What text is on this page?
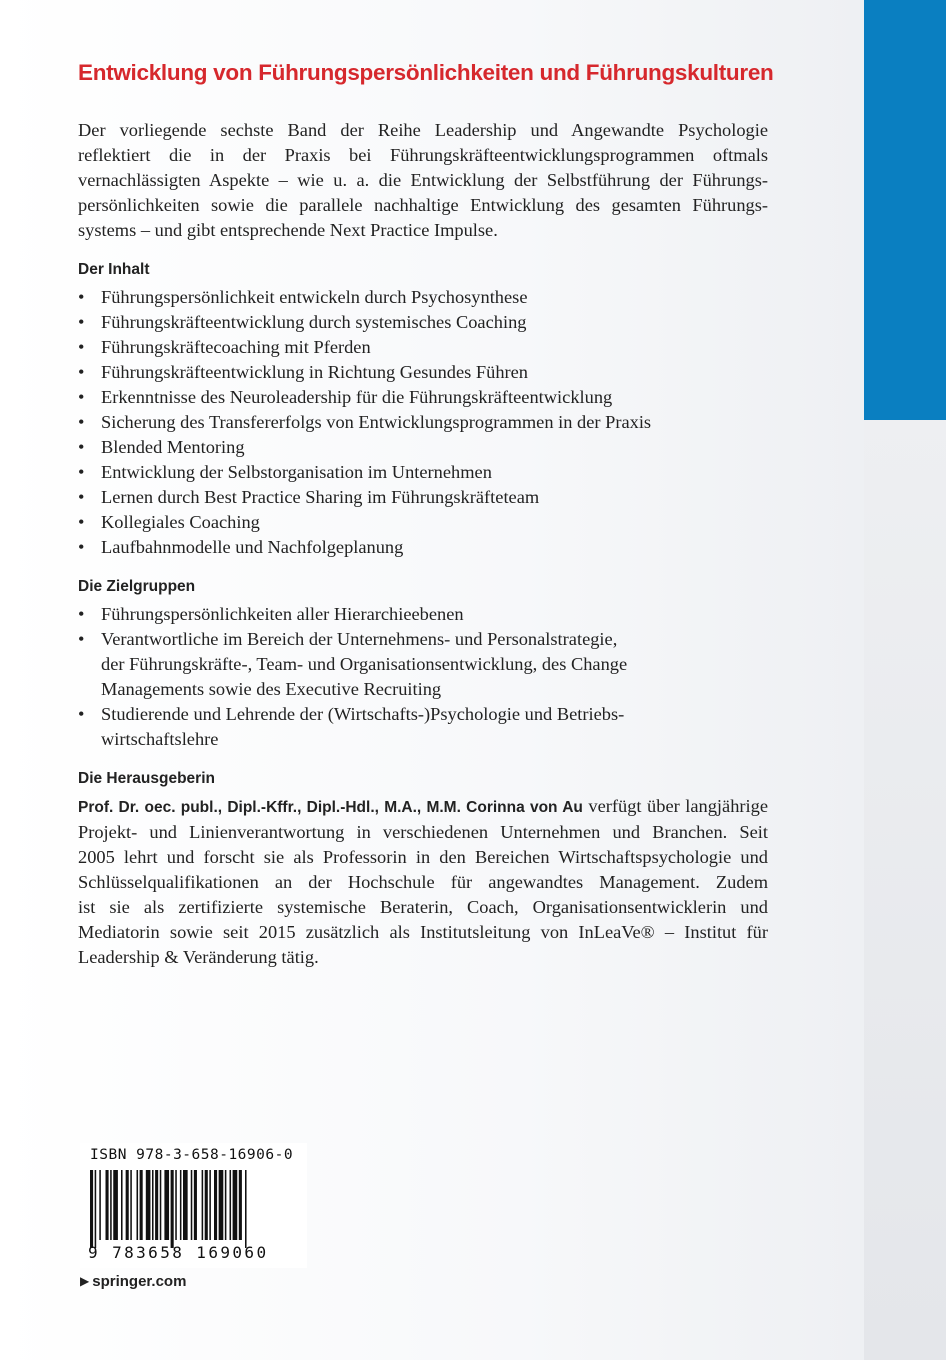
Entwicklung von Führungspersönlichkeiten und Führungskulturen

Der vorliegende sechste Band der Reihe Leadership und Angewandte Psychologie
reflektiert die in der Praxis bei Führungskräfteentwicklungsprogrammen oftmals
vernachlässigten Aspekte – wie u. a. die Entwicklung der Selbstführung der Führungs-
persönlichkeiten sowie die parallele nachhaltige Entwicklung des gesamten Führungs-
systems – und gibt entsprechende Next Practice Impulse.

Der Inhalt
• Führungspersönlichkeit entwickeln durch Psychosynthese
• Führungskräfteentwicklung durch systemisches Coaching
• Führungskräftecoaching mit Pferden
• Führungskräfteentwicklung in Richtung Gesundes Führen
• Erkenntnisse des Neuroleadership für die Führungskräfteentwicklung
• Sicherung des Transfererfolgs von Entwicklungsprogrammen in der Praxis
• Blended Mentoring
• Entwicklung der Selbstorganisation im Unternehmen
• Lernen durch Best Practice Sharing im Führungskräfteteam
• Kollegiales Coaching
• Laufbahnmodelle und Nachfolgeplanung
Die Zielgruppen
• Führungspersönlichkeiten aller Hierarchieebenen
• Verantwortliche im Bereich der Unternehmens- und Personalstrategie,
der Führungskräfte-, Team- und Organisationsentwicklung, des Change
Managements sowie des Executive Recruiting
• Studierende und Lehrende der (Wirtschafts-)Psychologie und Betriebs-
wirtschaftslehre
Die Herausgeberin

Prof. Dr. oec. publ., Dipl.-Kffr., Dipl.-Hdl., M.A., M.M. Corinna von Au verfügt über langjährige
Projekt- und Linienverantwortung in verschiedenen Unternehmen und Branchen. Seit
2005 lehrt und forscht sie als Professorin in den Bereichen Wirtschaftspsychologie und
Schlüsselqualifikationen an der Hochschule für angewandtes Management. Zudem
ist sie als zertifizierte systemische Beraterin, Coach, Organisationsentwicklerin und
Mediatorin sowie seit 2015 zusätzlich als Institutsleitung von InLeaVe® – Institut für
Leadership & Veränderung tätig.

ISBN 978-3-658-16906-0
9 783658 169060
▶ springer.com
